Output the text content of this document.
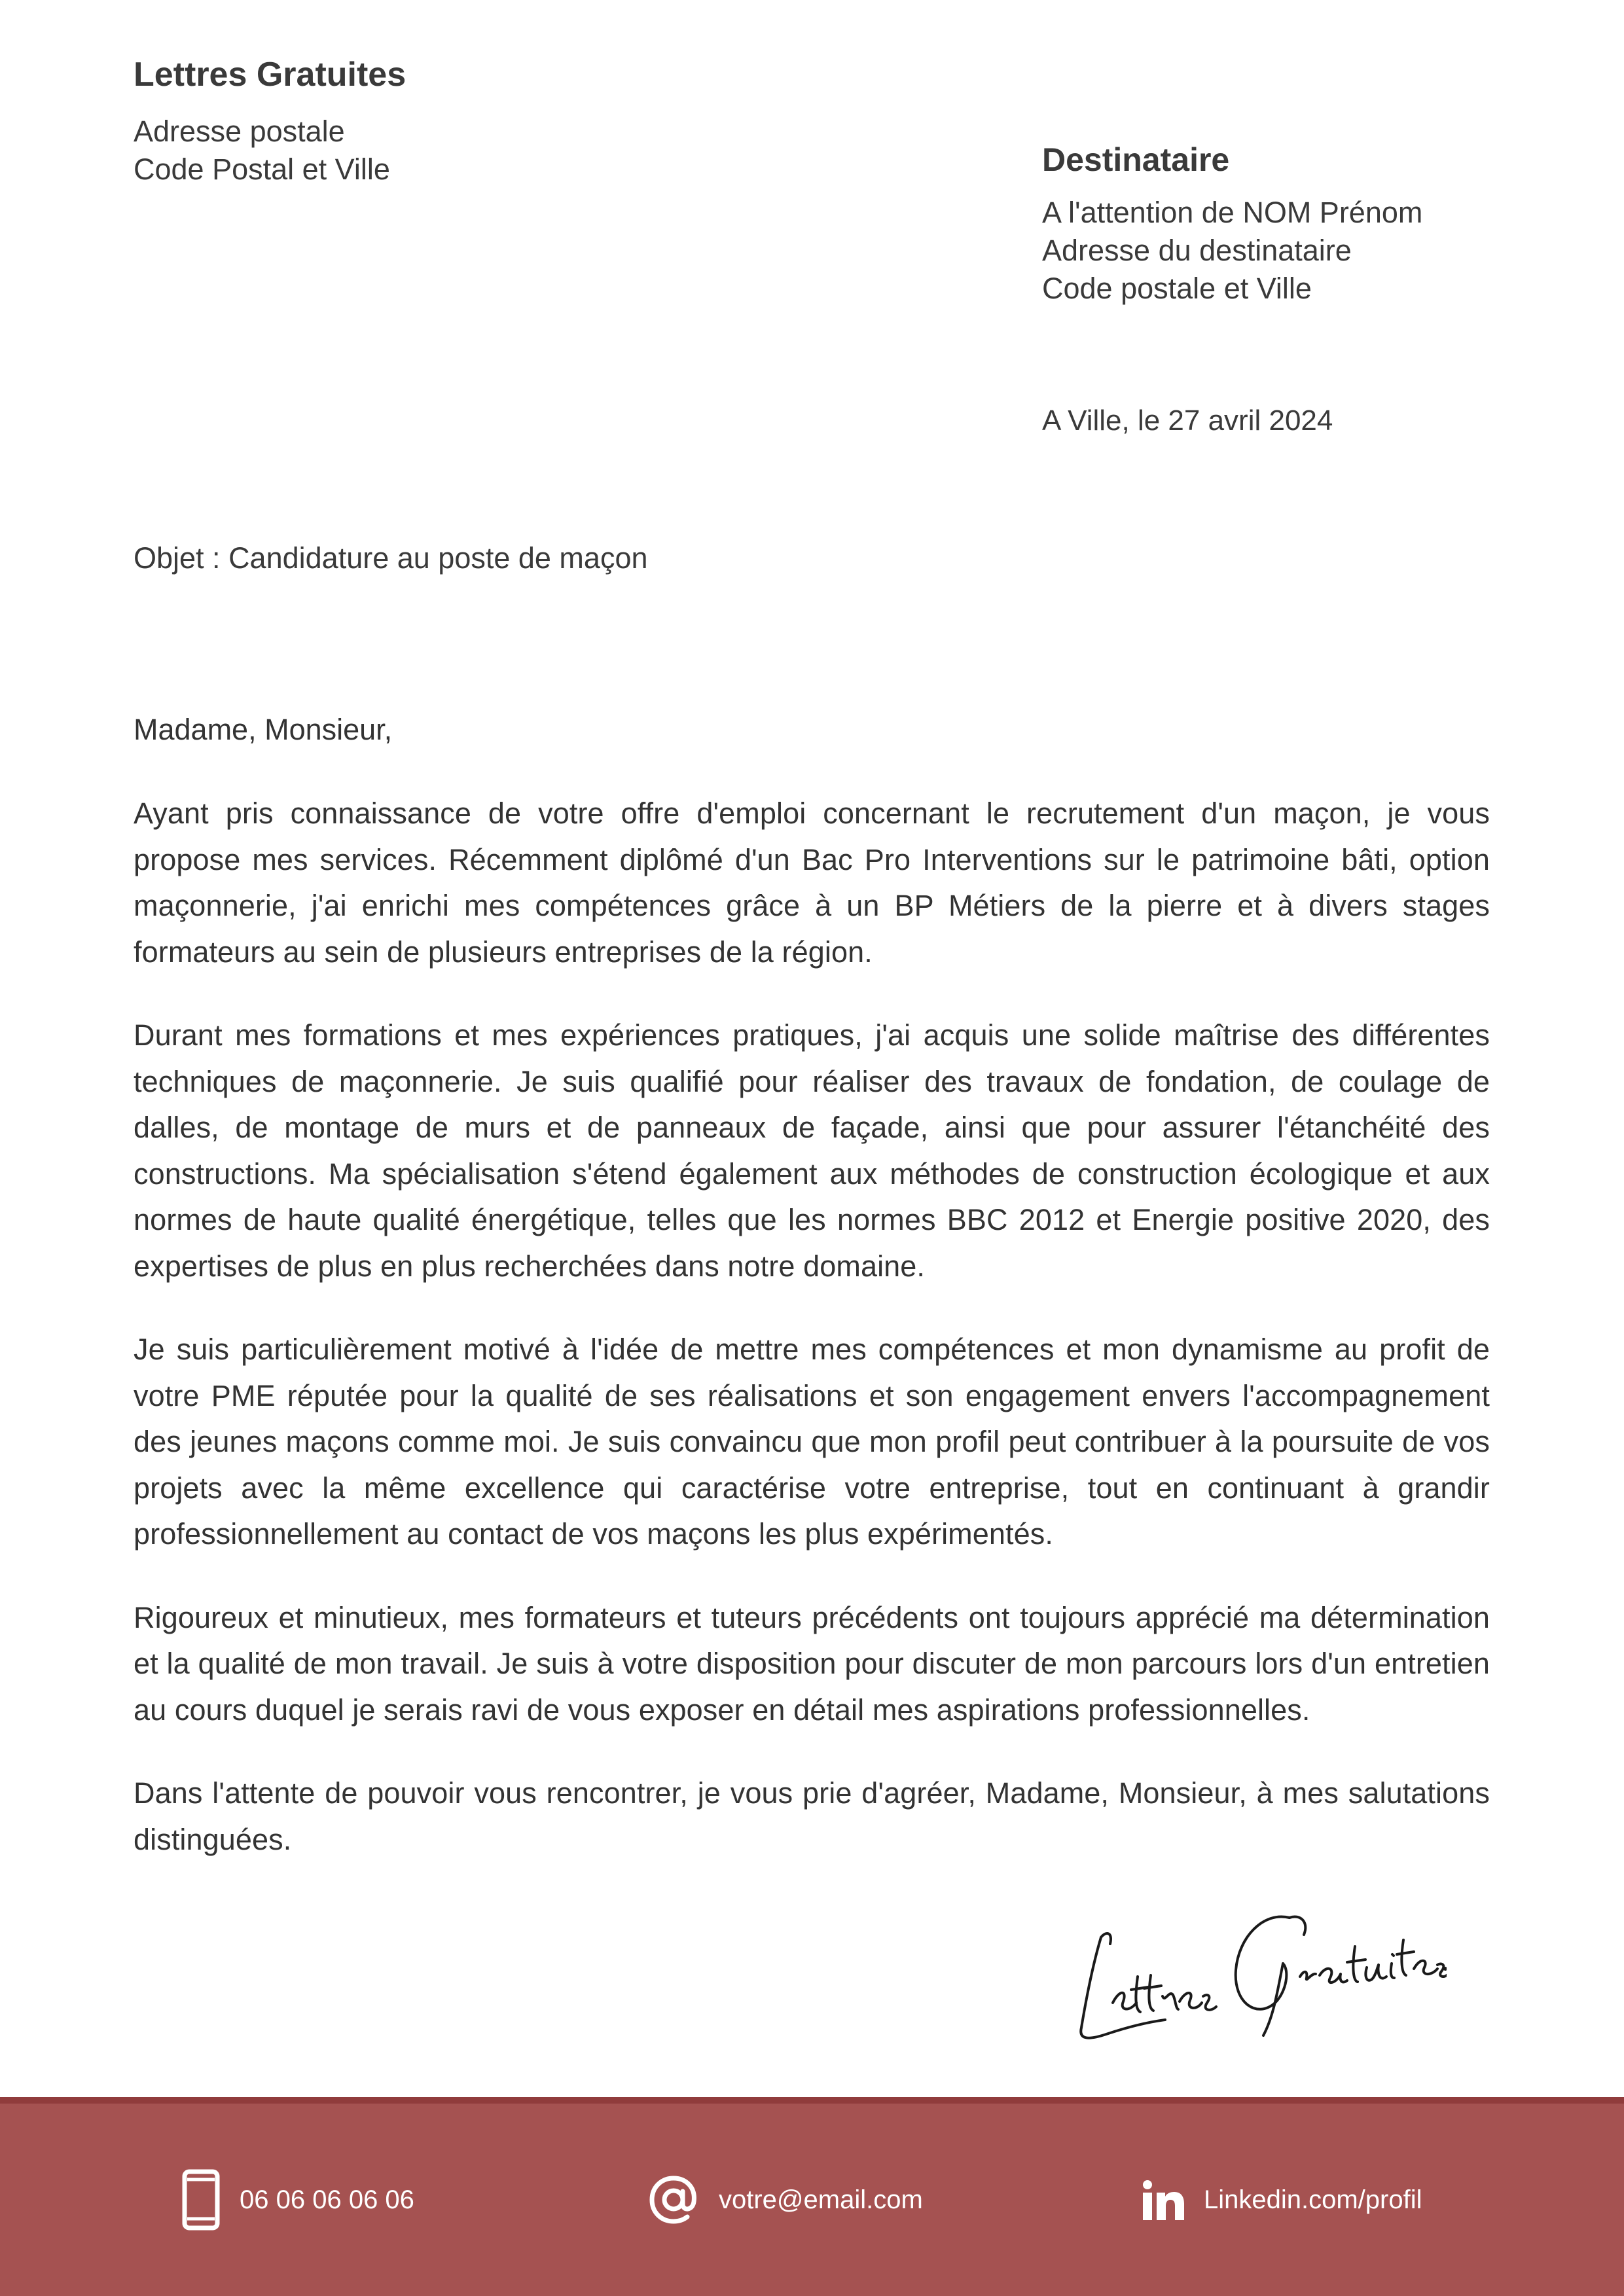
Lettres Gratuites
Adresse postale
Code Postal et Ville	Destinataire
A l'attention de NOM Prénom
Adresse du destinataire
Code postale et Ville
A Ville, le 27 avril 2024
Objet : Candidature au poste de maçon

Madame, Monsieur,

Ayant pris connaissance de votre offre d'emploi concernant le recrutement d'un maçon, je vous propose mes services. Récemment diplômé d'un Bac Pro Interventions sur le patrimoine bâti, option maçonnerie, j'ai enrichi mes compétences grâce à un BP Métiers de la pierre et à divers stages formateurs au sein de plusieurs entreprises de la région.

Durant mes formations et mes expériences pratiques, j'ai acquis une solide maîtrise des différentes techniques de maçonnerie. Je suis qualifié pour réaliser des travaux de fondation, de coulage de dalles, de montage de murs et de panneaux de façade, ainsi que pour assurer l'étanchéité des constructions. Ma spécialisation s'étend également aux méthodes de construction écologique et aux normes de haute qualité énergétique, telles que les normes BBC 2012 et Energie positive 2020, des expertises de plus en plus recherchées dans notre domaine.

Je suis particulièrement motivé à l'idée de mettre mes compétences et mon dynamisme au profit de votre PME réputée pour la qualité de ses réalisations et son engagement envers l'accompagnement des jeunes maçons comme moi. Je suis convaincu que mon profil peut contribuer à la poursuite de vos projets avec la même excellence qui caractérise votre entreprise, tout en continuant à grandir professionnellement au contact de vos maçons les plus expérimentés.

Rigoureux et minutieux, mes formateurs et tuteurs précédents ont toujours apprécié ma détermination et la qualité de mon travail. Je suis à votre disposition pour discuter de mon parcours lors d'un entretien au cours duquel je serais ravi de vous exposer en détail mes aspirations professionnelles.

Dans l'attente de pouvoir vous rencontrer, je vous prie d'agréer, Madame, Monsieur, à mes salutations distinguées.

06 06 06 06 06	votre@email.com	Linkedin.com/profil
